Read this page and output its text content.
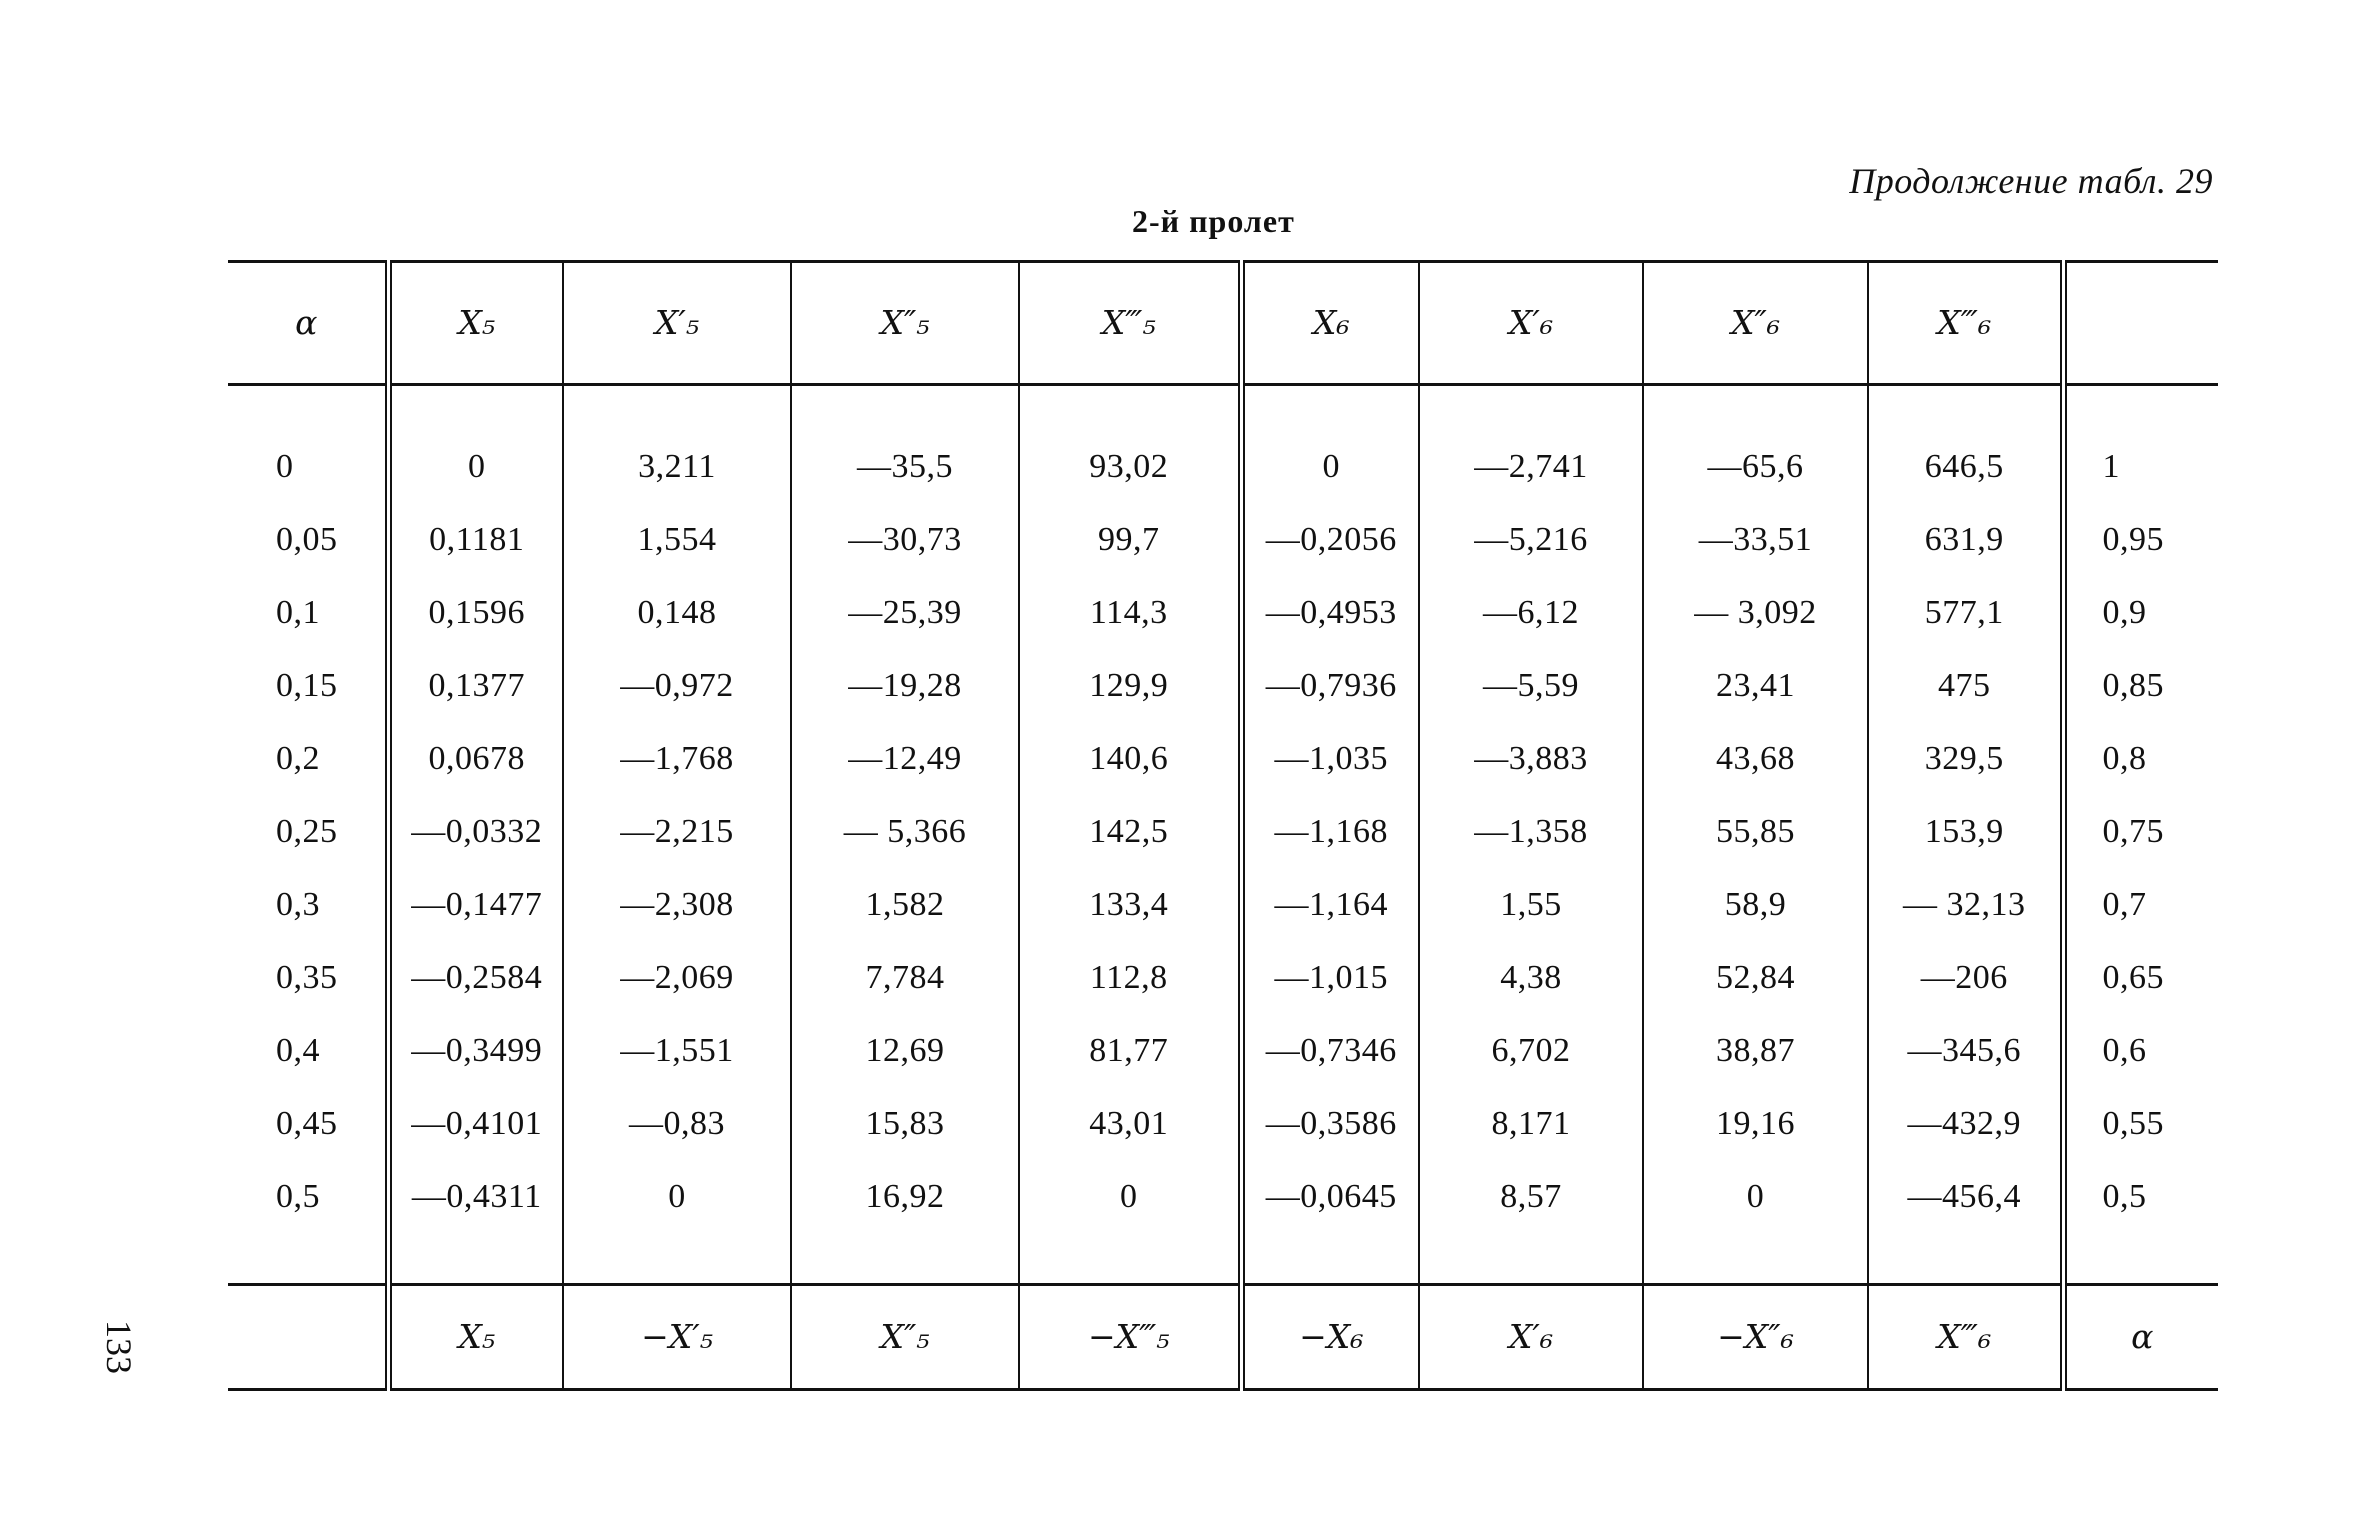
Продолжение табл. 29
2-й пролет
133
α	X₅	X′₅	X″₅	X‴₅	X₆	X′₆	X″₆	X‴₆	

0	0	3,211	—35,5	93,02	0	—2,741	—65,6	646,5	1
0,05	0,1181	1,554	—30,73	99,7	—0,2056	—5,216	—33,51	631,9	0,95
0,1	0,1596	0,148	—25,39	114,3	—0,4953	—6,12	— 3,092	577,1	0,9
0,15	0,1377	—0,972	—19,28	129,9	—0,7936	—5,59	23,41	475	0,85
0,2	0,0678	—1,768	—12,49	140,6	—1,035	—3,883	43,68	329,5	0,8
0,25	—0,0332	—2,215	— 5,366	142,5	—1,168	—1,358	55,85	153,9	0,75
0,3	—0,1477	—2,308	1,582	133,4	—1,164	1,55	58,9	— 32,13	0,7
0,35	—0,2584	—2,069	7,784	112,8	—1,015	4,38	52,84	—206	0,65
0,4	—0,3499	—1,551	12,69	81,77	—0,7346	6,702	38,87	—345,6	0,6
0,45	—0,4101	—0,83	15,83	43,01	—0,3586	8,171	19,16	—432,9	0,55
0,5	—0,4311	0	16,92	0	—0,0645	8,57	0	—456,4	0,5

	X₅	−X′₅	X″₅	−X‴₅	−X₆	X′₆	−X″₆	X‴₆	α
